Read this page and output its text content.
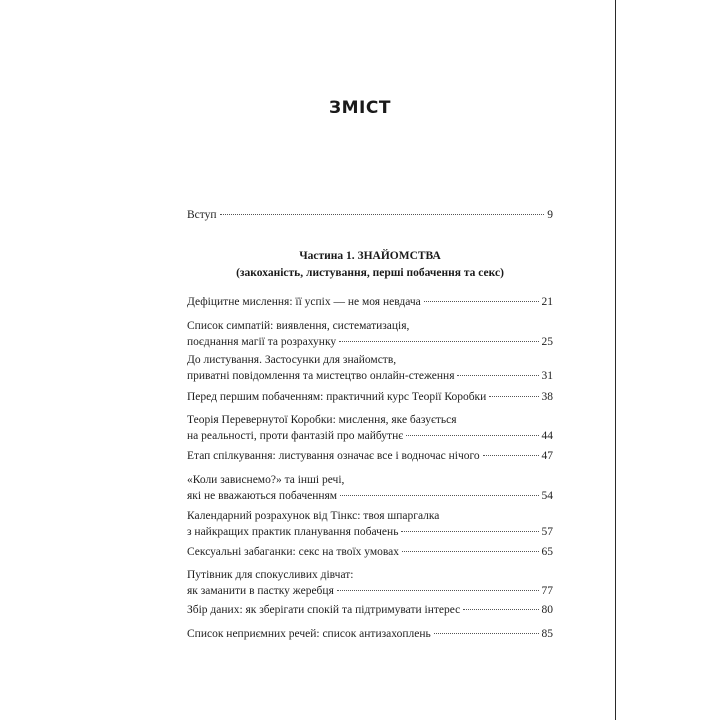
ЗМІСТ
Вступ	9
Частина 1. ЗНАЙОМСТВА
(закоханість, листування, перші побачення та секс)
Дефіцитне мислення: її успіх — не моя невдача	21
Список симпатій: виявлення, систематизація,
поєднання магії та розрахунку	25
До листування. Застосунки для знайомств,
приватні повідомлення та мистецтво онлайн-стеження	31
Перед першим побаченням: практичний курс Теорії Коробки	38
Теорія Перевернутої Коробки: мислення, яке базується
на реальності, проти фантазій про майбутнє	44
Етап спілкування: листування означає все і водночас нічого	47
«Коли зависнемо?» та інші речі,
які не вважаються побаченням	54
Календарний розрахунок від Тінкс: твоя шпаргалка
з найкращих практик планування побачень	57
Сексуальні забаганки: секс на твоїх умовах	65
Путівник для спокусливих дівчат:
як заманити в пастку жеребця	77
Збір даних: як зберігати спокій та підтримувати інтерес	80
Список неприємних речей: список антизахоплень	85
